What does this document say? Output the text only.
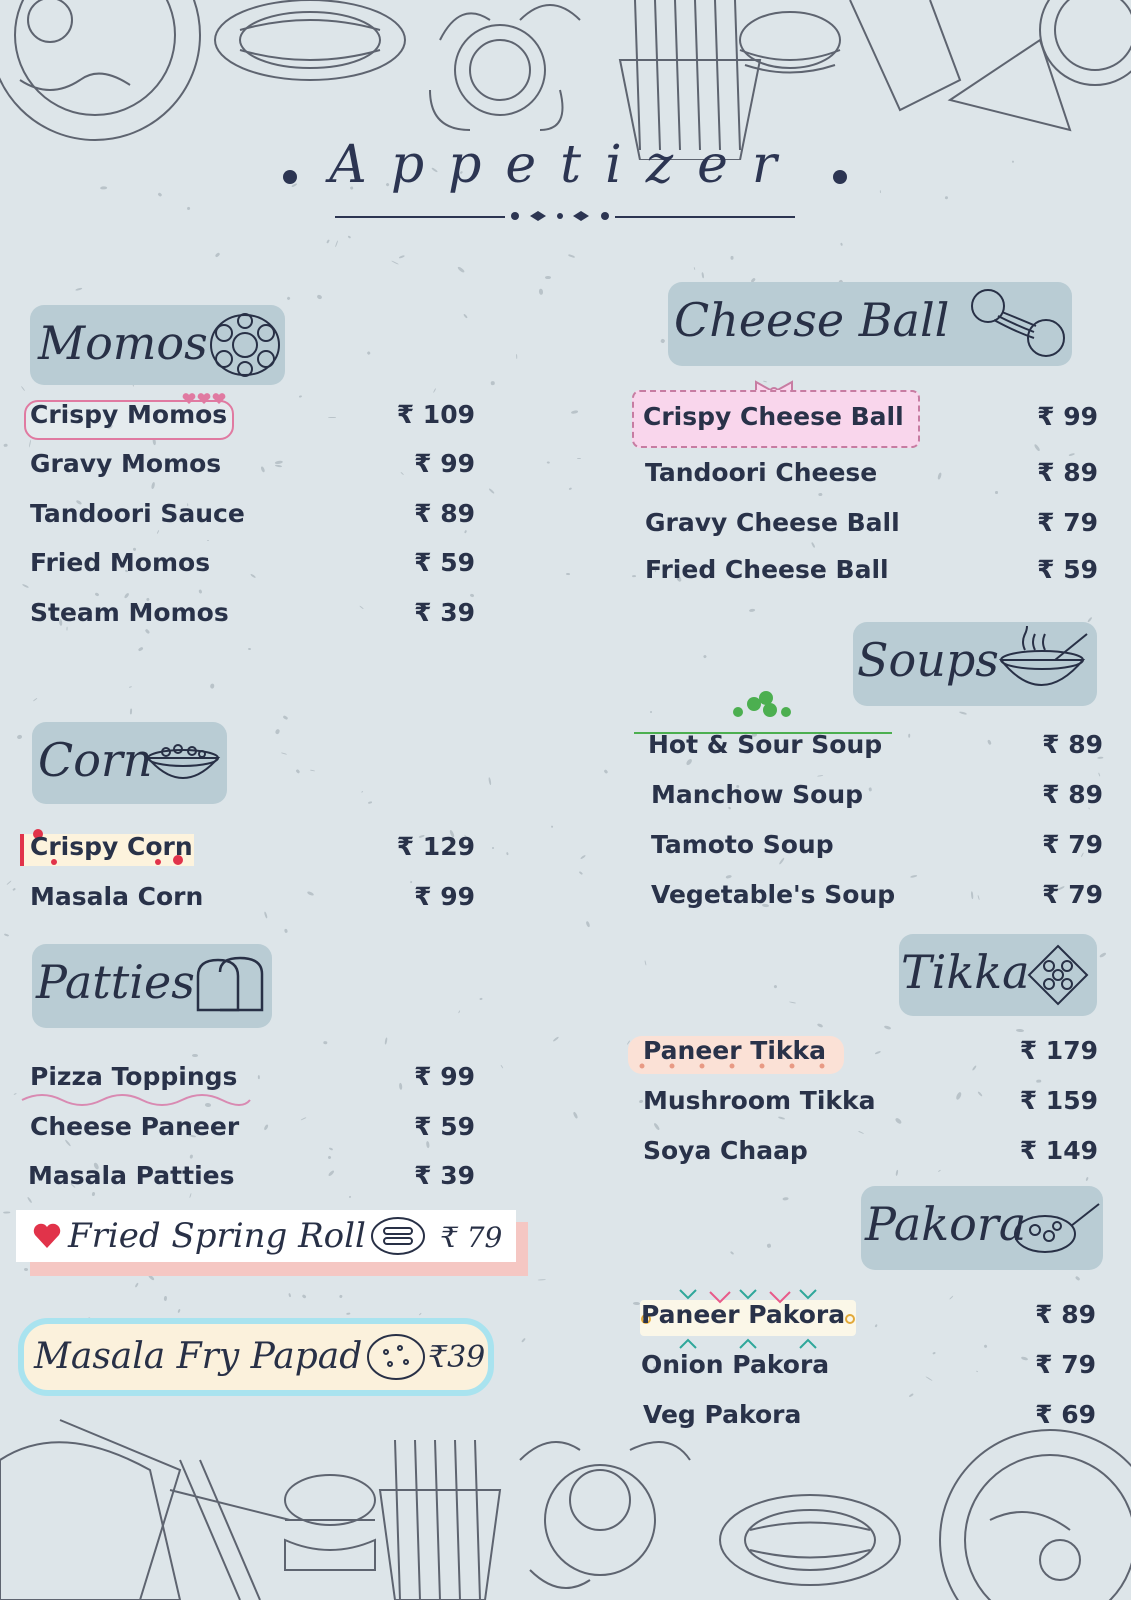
Appetizer
Momos
Crispy Momos	₹ 109
Gravy Momos	₹ 99
Tandoori Sauce	₹ 89
Fried Momos	₹ 59
Steam Momos	₹ 39
Corn
Crispy Corn	₹ 129
Masala Corn	₹ 99
Patties
Pizza Toppings	₹ 99
Cheese Paneer	₹ 59
Masala Patties	₹ 39
Fried Spring Roll	₹ 79
Masala Fry Papad ₹39
Cheese Ball
Crispy Cheese Ball	₹ 99
Tandoori Cheese	₹ 89
Gravy Cheese Ball	₹ 79
Fried Cheese Ball	₹ 59
Soups
Hot & Sour Soup	₹ 89
Manchow Soup	₹ 89
Tamoto Soup	₹ 79
Vegetable's Soup	₹ 79
Tikka
Paneer Tikka	₹ 179
Mushroom Tikka	₹ 159
Soya Chaap	₹ 149
Pakora
Paneer Pakora	₹ 89
Onion Pakora	₹ 79
Veg Pakora	₹ 69
